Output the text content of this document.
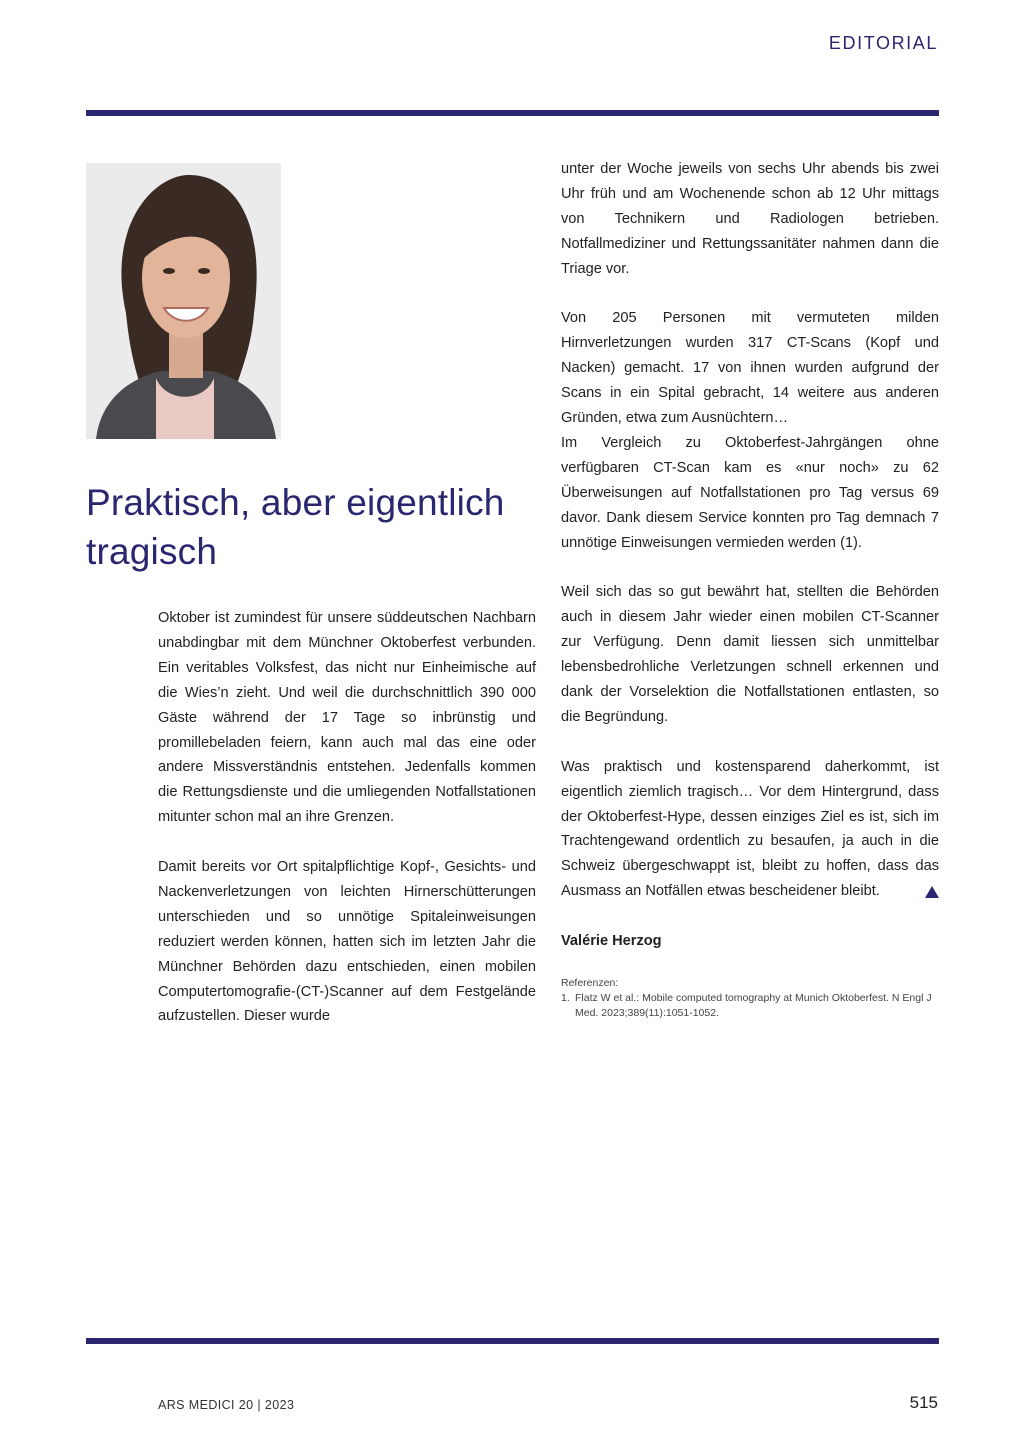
EDITORIAL
Praktisch, aber eigentlich tragisch

Oktober ist zumindest für unsere süddeutschen Nachbarn unabdingbar mit dem Münchner Oktoberfest verbunden. Ein veritables Volksfest, das nicht nur Einheimische auf die Wies’n zieht. Und weil die durchschnittlich 390 000 Gäste während der 17 Tage so inbrünstig und promillebeladen feiern, kann auch mal das eine oder andere Missverständnis entstehen. Jedenfalls kommen die Rettungsdienste und die umliegenden Notfallstationen mitunter schon mal an ihre Grenzen.

Damit bereits vor Ort spitalpflichtige Kopf-, Gesichts- und Nackenverletzungen von leichten Hirnerschütterungen unterschieden und so unnötige Spitaleinweisungen reduziert werden können, hatten sich im letzten Jahr die Münchner Behörden dazu entschieden, einen mobilen Computertomografie-(CT-)Scanner auf dem Festgelände aufzustellen. Dieser wurde

unter der Woche jeweils von sechs Uhr abends bis zwei Uhr früh und am Wochenende schon ab 12 Uhr mittags von Technikern und Radiologen betrieben. Notfallmediziner und Rettungssanitäter nahmen dann die Triage vor.

Von 205 Personen mit vermuteten milden Hirnverletzungen wurden 317 CT-Scans (Kopf und Nacken) gemacht. 17 von ihnen wurden aufgrund der Scans in ein Spital gebracht, 14 weitere aus anderen Gründen, etwa zum Ausnüchtern…

Im Vergleich zu Oktoberfest-Jahrgängen ohne verfügbaren CT-Scan kam es «nur noch» zu 62 Überweisungen auf Notfallstationen pro Tag versus 69 davor. Dank diesem Service konnten pro Tag demnach 7 unnötige Einweisungen vermieden werden (1).

Weil sich das so gut bewährt hat, stellten die Behörden auch in diesem Jahr wieder einen mobilen CT-Scanner zur Verfügung. Denn damit liessen sich unmittelbar lebensbedrohliche Verletzungen schnell erkennen und dank der Vorselektion die Notfallstationen entlasten, so die Begründung.

Was praktisch und kostensparend daherkommt, ist eigentlich ziemlich tragisch… Vor dem Hintergrund, dass der Oktoberfest-Hype, dessen einziges Ziel es ist, sich im Trachtengewand ordentlich zu besaufen, ja auch in die Schweiz übergeschwappt ist, bleibt zu hoffen, dass das Ausmass an Notfällen etwas bescheidener bleibt.

Valérie Herzog
Referenzen:
1. Flatz W et al.: Mobile computed tomography at Munich Oktoberfest. N Engl J Med. 2023;389(11):1051-1052.
ARS MEDICI 20 | 2023	515
